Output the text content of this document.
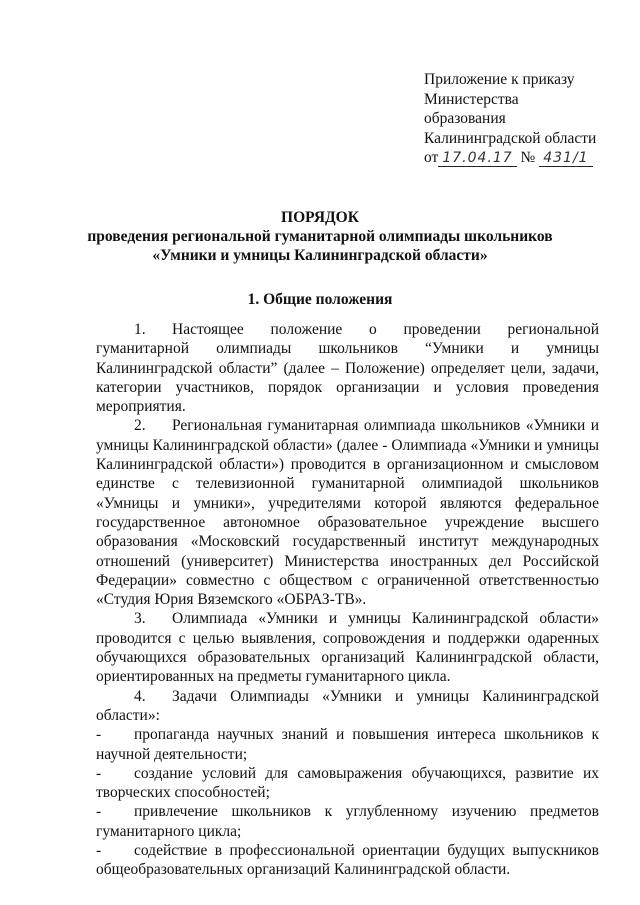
Приложение к приказу
Министерства
образования
Калининградской области
от 17.04.17 № 431/1
ПОРЯДОК
проведения региональной гуманитарной олимпиады школьников
«Умники и умницы Калининградской области»
1. Общие положения

1. Настоящее положение о проведении региональной гуманитарной олимпиады школьников “Умники и умницы Калининградской области” (далее – Положение) определяет цели, задачи, категории участников, порядок организации и условия проведения мероприятия.

2. Региональная гуманитарная олимпиада школьников «Умники и умницы Калининградской области» (далее - Олимпиада «Умники и умницы Калининградской области») проводится в организационном и смысловом единстве с телевизионной гуманитарной олимпиадой школьников «Умницы и умники», учредителями которой являются федеральное государственное автономное образовательное учреждение высшего образования «Московский государственный институт международных отношений (университет) Министерства иностранных дел Российской Федерации» совместно с обществом с ограниченной ответственностью «Студия Юрия Вяземского «ОБРАЗ-ТВ».

3. Олимпиада «Умники и умницы Калининградской области» проводится с целью выявления, сопровождения и поддержки одаренных обучающихся образовательных организаций Калининградской области, ориентированных на предметы гуманитарного цикла.

4. Задачи Олимпиады «Умники и умницы Калининградской области»:

- пропаганда научных знаний и повышения интереса школьников к научной деятельности;

- создание условий для самовыражения обучающихся, развитие их творческих способностей;

- привлечение школьников к углубленному изучению предметов гуманитарного цикла;

- содействие в профессиональной ориентации будущих выпускников общеобразовательных организаций Калининградской области.
